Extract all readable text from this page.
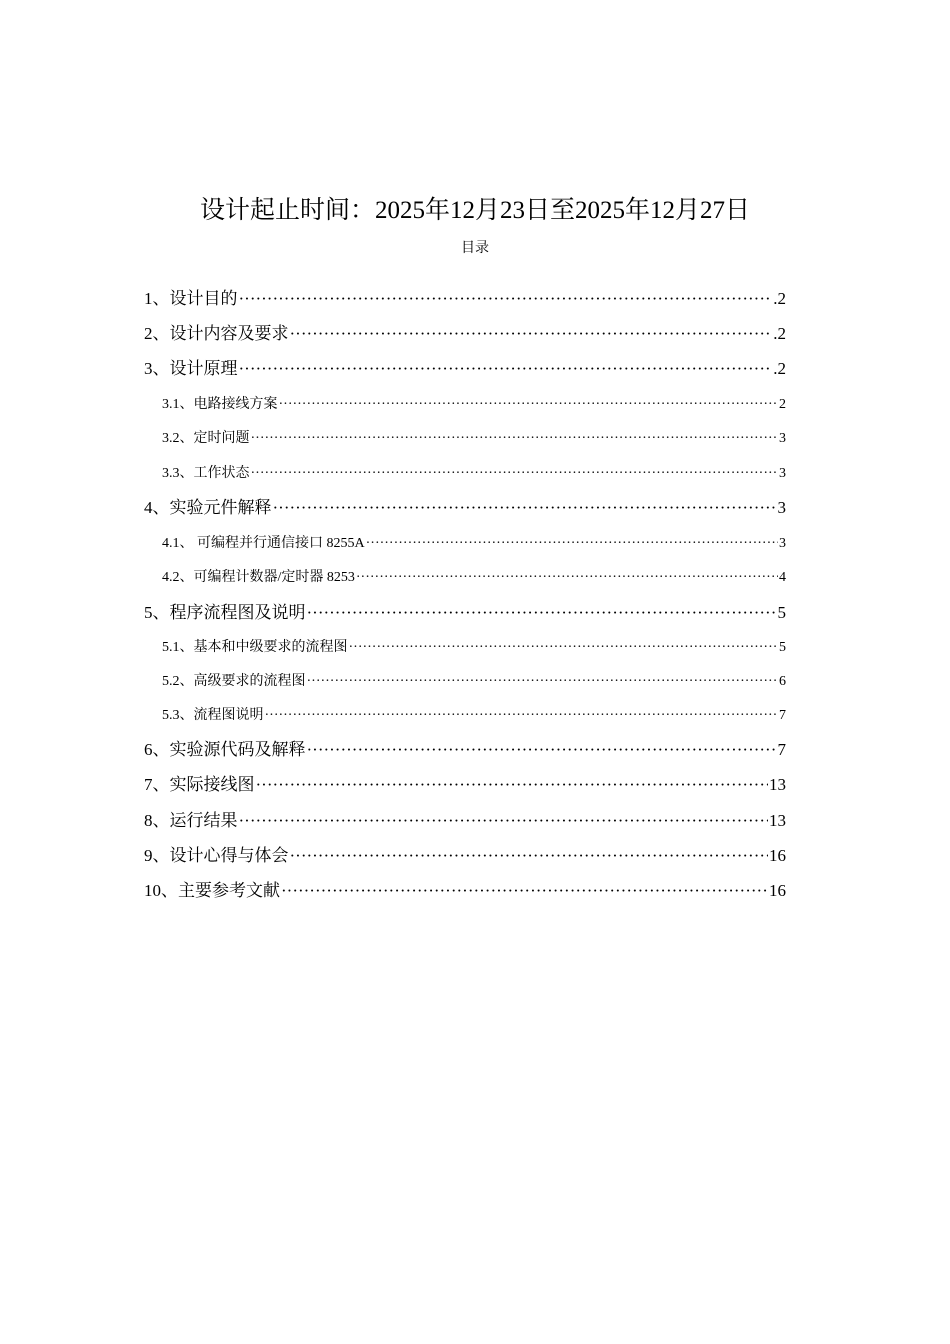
设计起止时间：2025年12月23日至2025年12月27日
目录
1、设计目的 ·····	.2
2、设计内容及要求 ·····	.2
3、设计原理 ·····	.2
3.1、电路接线方案 ·····	2
3.2、定时问题 ·····	3
3.3、工作状态 ·····	3
4、实验元件解释 ·····	3
4.1、 可编程并行通信接口 8255A ·····	3
4.2、可编程计数器/定时器 8253 ·····	4
5、程序流程图及说明 ·····	5
5.1、基本和中级要求的流程图 ·····	5
5.2、高级要求的流程图 ·····	6
5.3、流程图说明 ·····	7
6、实验源代码及解释 ·····	7
7、实际接线图 ·····	13
8、运行结果 ·····	13
9、设计心得与体会 ·····	16
10、主要参考文献 ·····	16
